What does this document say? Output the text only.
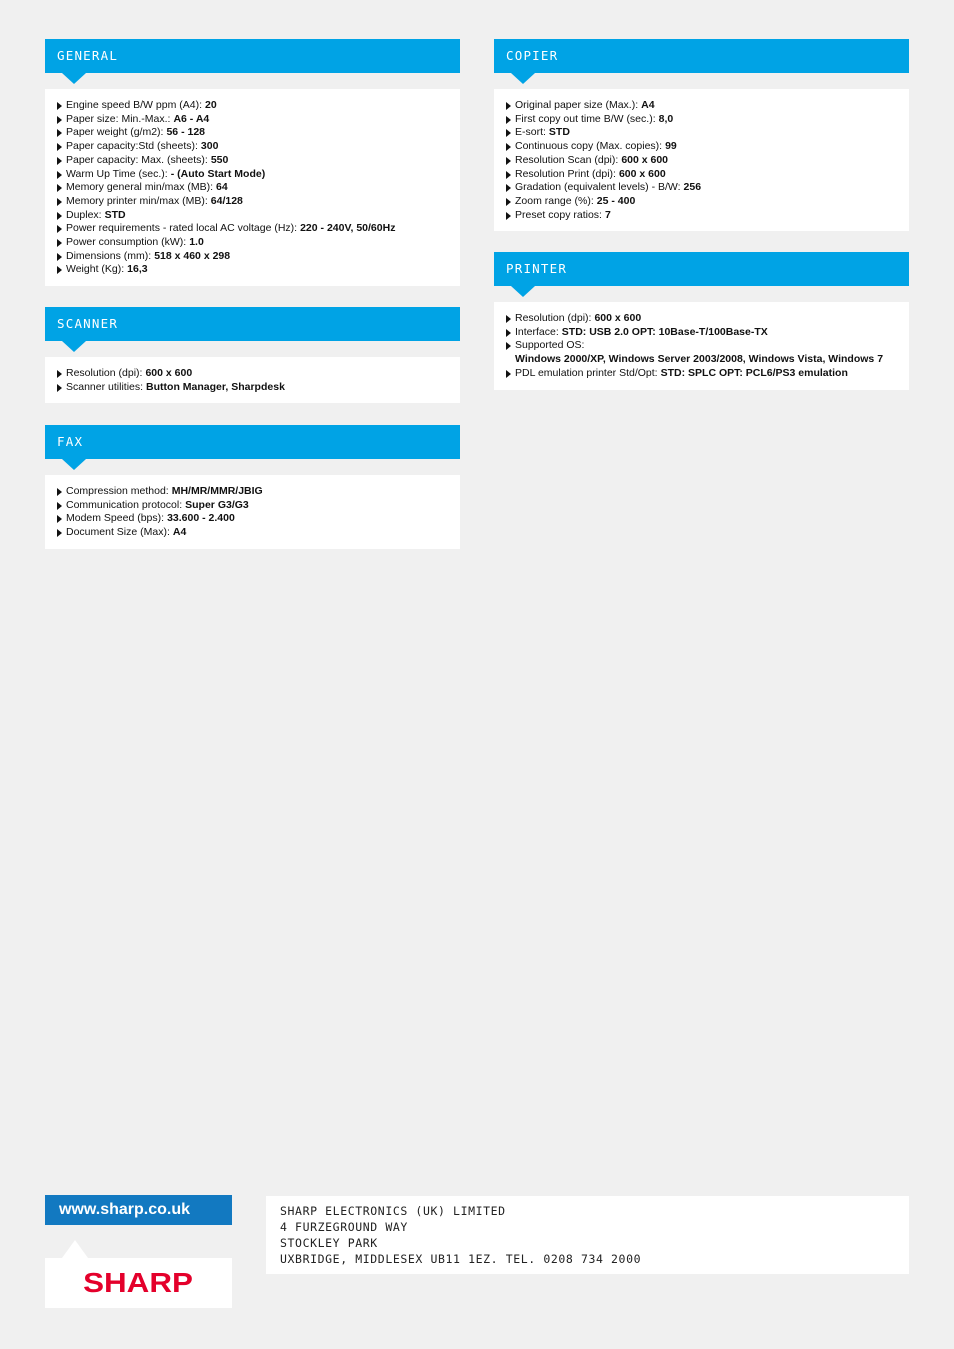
GENERAL
Engine speed B/W ppm (A4): 20
Paper size: Min.-Max.: A6 - A4
Paper weight (g/m2): 56 - 128
Paper capacity:Std (sheets): 300
Paper capacity: Max. (sheets): 550
Warm Up Time (sec.): - (Auto Start Mode)
Memory general min/max (MB): 64
Memory printer min/max (MB): 64/128
Duplex: STD
Power requirements - rated local AC voltage (Hz): 220 - 240V, 50/60Hz
Power consumption (kW): 1.0
Dimensions (mm): 518 x 460 x 298
Weight (Kg): 16,3
SCANNER
Resolution (dpi): 600 x 600
Scanner utilities: Button Manager, Sharpdesk
FAX
Compression method: MH/MR/MMR/JBIG
Communication protocol: Super G3/G3
Modem Speed (bps): 33.600 - 2.400
Document Size (Max): A4
COPIER
Original paper size (Max.): A4
First copy out time B/W (sec.): 8,0
E-sort: STD
Continuous copy (Max. copies): 99
Resolution Scan (dpi): 600 x 600
Resolution Print (dpi): 600 x 600
Gradation (equivalent levels) - B/W: 256
Zoom range (%): 25 - 400
Preset copy ratios: 7
PRINTER
Resolution (dpi): 600 x 600
Interface: STD: USB 2.0 OPT: 10Base-T/100Base-TX
Supported OS:
Windows 2000/XP, Windows Server 2003/2008, Windows Vista, Windows 7
PDL emulation printer Std/Opt: STD: SPLC OPT: PCL6/PS3 emulation
www.sharp.co.uk
SHARP
SHARP ELECTRONICS (UK) LIMITED
4 FURZEGROUND WAY
STOCKLEY PARK
UXBRIDGE, MIDDLESEX UB11 1EZ. TEL. 0208 734 2000
